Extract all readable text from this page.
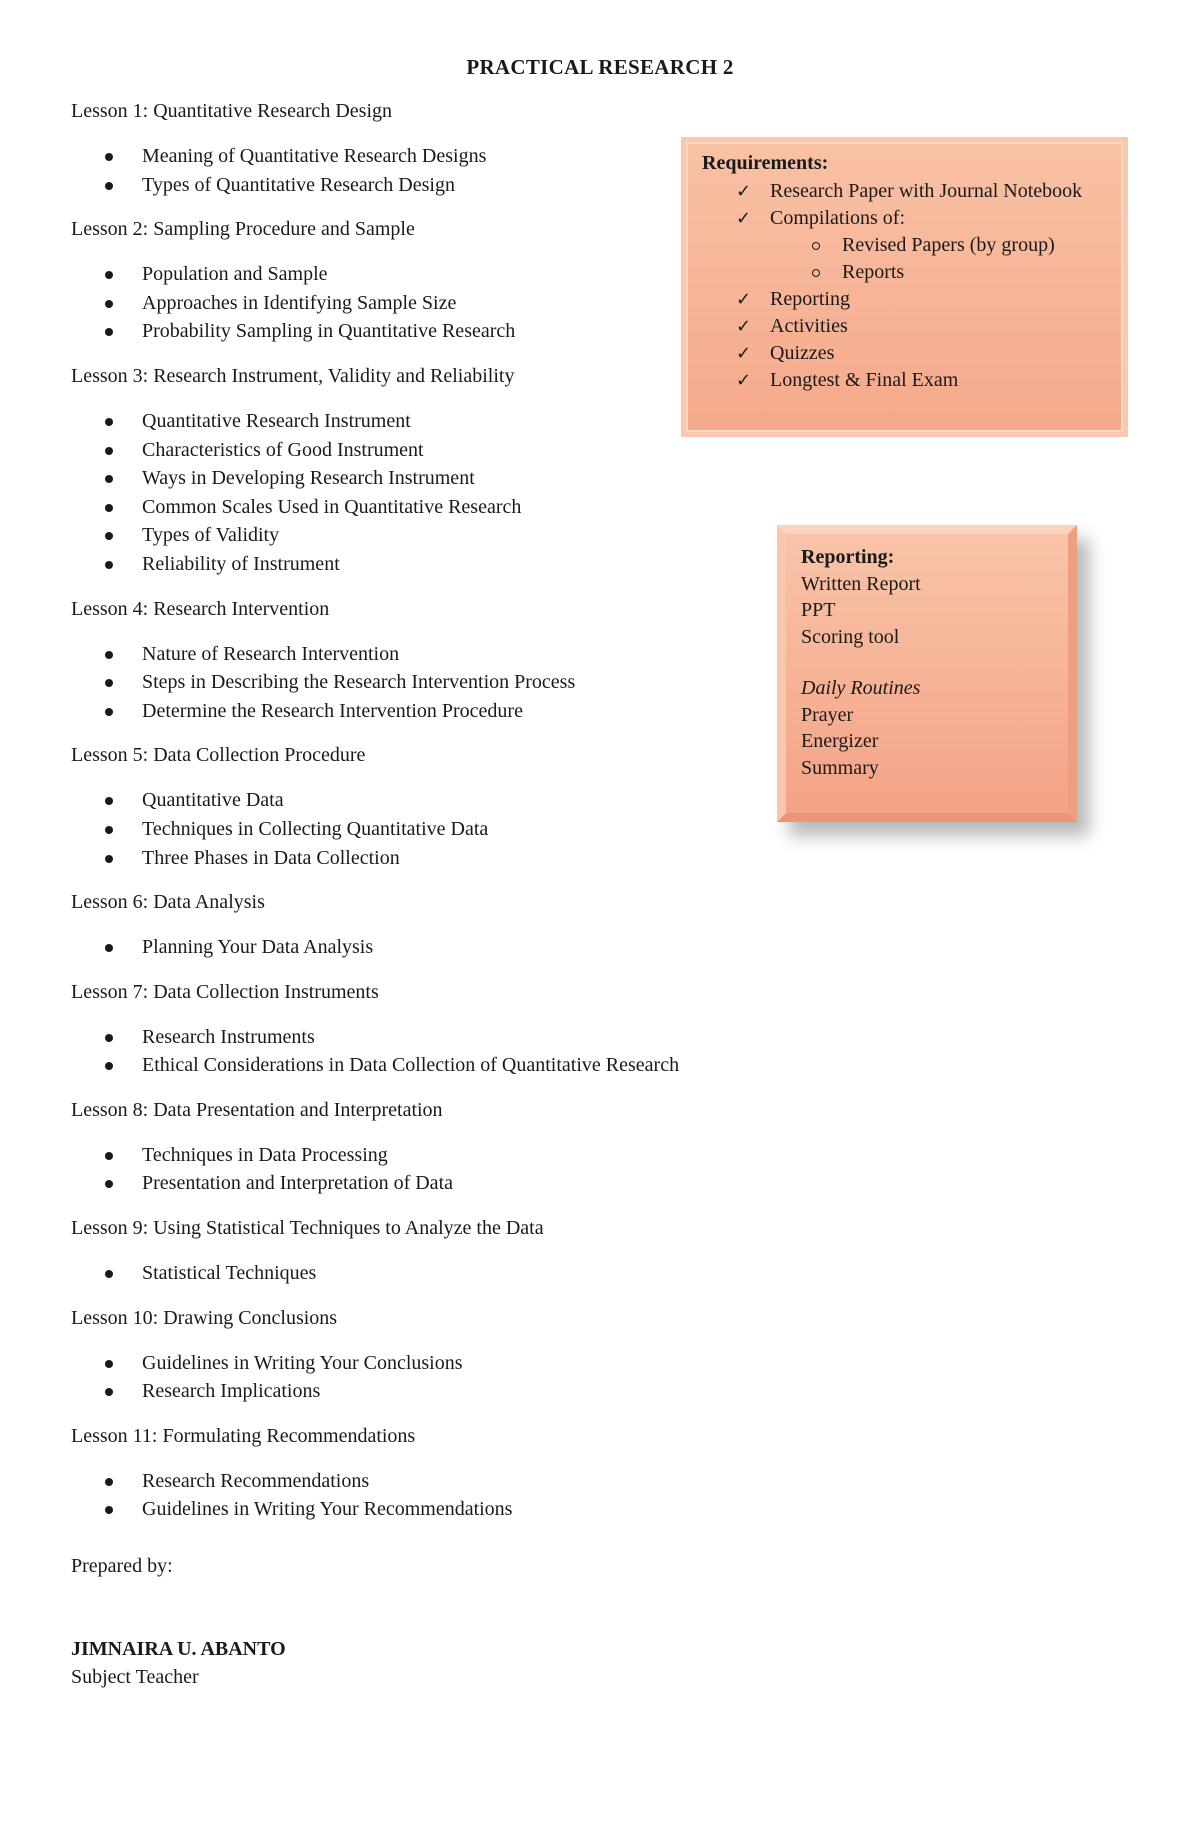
PRACTICAL RESEARCH 2
Lesson 1: Quantitative Research Design
Meaning of Quantitative Research Designs
Types of Quantitative Research Design
Lesson 2: Sampling Procedure and Sample
Population and Sample
Approaches in Identifying Sample Size
Probability Sampling in Quantitative Research
Lesson 3: Research Instrument, Validity and Reliability
Quantitative Research Instrument
Characteristics of Good Instrument
Ways in Developing Research Instrument
Common Scales Used in Quantitative Research
Types of Validity
Reliability of Instrument
Lesson 4: Research Intervention
Nature of Research Intervention
Steps in Describing the Research Intervention Process
Determine the Research Intervention Procedure
Lesson 5: Data Collection Procedure
Quantitative Data
Techniques in Collecting Quantitative Data
Three Phases in Data Collection
Lesson 6: Data Analysis
Planning Your Data Analysis
Lesson 7: Data Collection Instruments
Research Instruments
Ethical Considerations in Data Collection of Quantitative Research
Lesson 8: Data Presentation and Interpretation
Techniques in Data Processing
Presentation and Interpretation of Data
Lesson 9: Using Statistical Techniques to Analyze the Data
Statistical Techniques
Lesson 10: Drawing Conclusions
Guidelines in Writing Your Conclusions
Research Implications
Lesson 11: Formulating Recommendations
Research Recommendations
Guidelines in Writing Your Recommendations
Requirements:
✓ Research Paper with Journal Notebook
✓ Compilations of:
Revised Papers (by group)
Reports
✓ Reporting
✓ Activities
✓ Quizzes
✓ Longtest & Final Exam
Reporting:
Written Report
PPT
Scoring tool
Daily Routines
Prayer
Energizer
Summary
Prepared by:
JIMNAIRA U. ABANTO
Subject Teacher
